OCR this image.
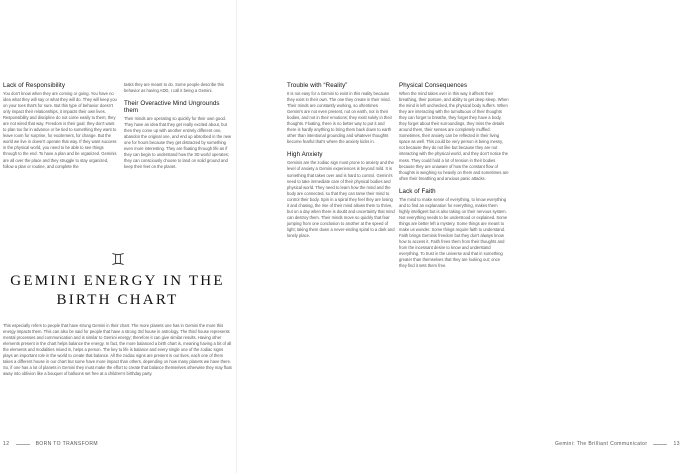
Lack of Responsibility

You don't know when they are coming or going. You have no idea what they will say or what they will do. They will keep you on your toes that's for sure. But this type of behavior doesn't only impact their relationships, it impacts their own lives. Responsibility and discipline do not come easily to them; they are not wired that way. Freedom is their goal; they don't want to plan too far in advance or be tied to something they want to leave room for surprise, for excitement, for change. But the world we live in doesn't operate that way. If they want success in the physical world, you need to be able to see things through to the end. To have a plan and be organized. Geminis are all over the place and they struggle to stay organized, follow a plan or routine, and complete the

tasks they are meant to do. Some people describe this behavior as having ADD, I call it being a Gemini.

Their Overactive Mind Ungrounds them

Their minds are operating so quickly for their own good. They have an idea that they get really excited about, but then they come up with another entirely different one, abandon the original one, and end up absorbed in the new one for hours because they get distracted by something even more interesting. They are floating through life as if they can begin to understand how the 3D world operates; they can consciously choose to land on solid ground and keep their feet on the planet.

GEMINI ENERGY IN THE BIRTH CHART

This especially refers to people that have strong Gemini in their chart. The more planets one has in Gemini the more this energy impacts them. This can also be said for people that have a strong 3rd house in astrology. The third house represents mental processes and communication and is similar to Gemini energy; therefore it can give similar results. Having other elements present in the chart helps balance the energy. In fact, the more balanced a birth chart is, meaning having a bit of all the elements and modalities mixed in, helps a person. The key to life is balance and every single one of the zodiac signs plays an important role in the world to create that balance. All the zodiac signs are present in our lives, each one of them takes a different house in our chart but some have more impact than others, depending on how many planets we have there. So, if one has a lot of planets in Gemini they must make the effort to create that balance themselves otherwise they may float away into oblivion like a bouquet of balloons set free at a children's birthday party.

12	BORN TO TRANSFORM
Trouble with “Reality”

It is not easy for a Gemini to exist in this reality because they exist in their own. The one they create in their mind. Their minds are constantly working, so oftentimes Gemini's are not even present, not on earth, not in their bodies, and not in their emotions; they exist solely in their thoughts. Floating, there is no better way to put it and there is hardly anything to bring them back down to earth other than intentional grounding and whatever thoughts become fearful that's where the anxiety kicks in.

High Anxiety

Geminis are the zodiac sign most prone to anxiety and the level of anxiety a Gemini experiences is beyond mild. It is something that takes over and is hard to control. Gemini's need to take immediate care of their physical bodies and physical world. They need to learn how the mind and the body are connected, so that they can tame their mind to control their body. Spin in a spiral they feel they are losing it and chasing, the rise of their mind allows them to thrive, but on a day when there is doubt and uncertainty that mind can destroy them. Their minds move so quickly that fear jumping from one conclusion to another at the speed of light; taking them down a never-ending spiral to a dark and lonely place.

Physical Consequences

When the mind takes over in this way it affects their breathing, their posture, and ability to get deep sleep. When the mind is left unchecked, the physical body suffers. When they are interacting with the tumultuous of their thoughts they can forget to breathe, they forget they have a body, they forget about their surroundings, they miss the details around them, their senses are completely muffled. Sometimes, their anxiety can be reflected in their living space as well. This could be very person is being messy, not because they do not like but because they are not interacting with the physical world, and they don't notice the mess. They could hold a lot of tension in their bodies because they are unaware of how the constant flow of thoughts is weighing so heavily on them and sometimes are often their breathing and anxious panic attacks.

Lack of Faith

The mind to make sense of everything, to know everything and to find an explanation for everything, makes them highly intelligent but is also taking on their nervous system. Not everything needs to be understood or explained. Some things are better left a mystery. Some things are meant to make us wonder. Some things require faith to understand. Faith brings Geminis freedom but they don't always know how to access it. Faith frees them from their thoughts and from the incessant desire to know and understand everything. To trust in the universe and that in something greater than themselves that they are looking out; once they find it sets them free.

Gemini: The Brilliant Communicator	13
